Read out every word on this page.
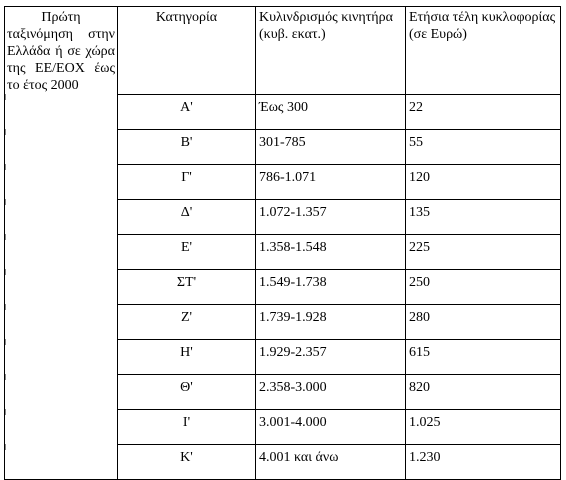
Πρώτη
ταξινόμηση στην Ελλάδα ή σε χώρα της ΕΕ/ΕΟΧ έως το έτος 2000	Κατηγορία	Κυλινδρισμός κινητήρα (κυβ. εκατ.)	Ετήσια τέλη κυκλοφορίας (σε Ευρώ)

	Α'	Έως 300	22

	Β'	301-785	55

	Γ'	786-1.071	120

	Δ'	1.072-1.357	135

	Ε'	1.358-1.548	225

	ΣΤ'	1.549-1.738	250

	Ζ'	1.739-1.928	280

	Η'	1.929-2.357	615

	Θ'	2.358-3.000	820

	Ι'	3.001-4.000	1.025

	Κ'	4.001 και άνω	1.230
